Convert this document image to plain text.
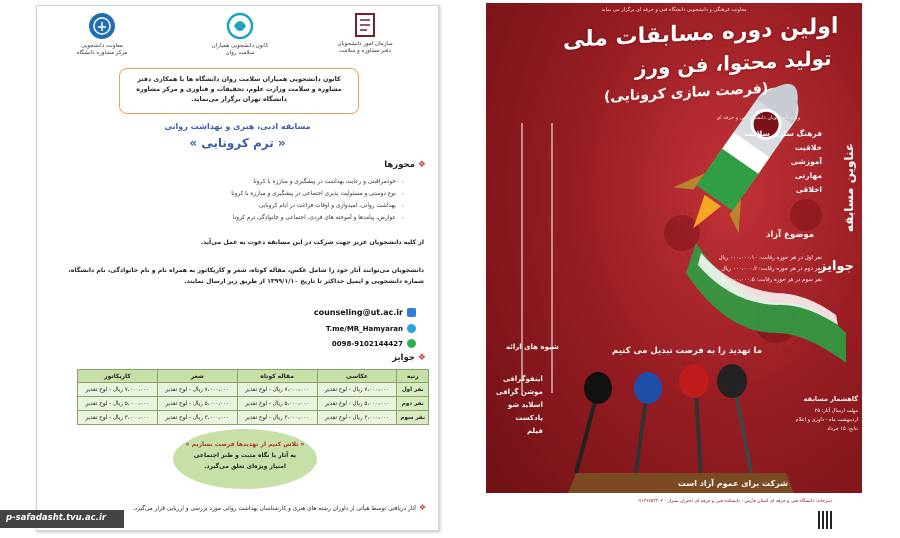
سازمان امور دانشجویان
دفتر مشاوره و سلامت
کانون دانشجویی همیاران
سلامت روان
معاونت دانشجویی
مرکز مشاوره دانشگاه
کانون دانشجویی همیاران سلامت روان دانشگاه ها با همکاری دفتر مشاوره و سلامت وزارت علوم، تحقیقات و فناوری و مرکز مشاوره دانشگاه تهران برگزار می‌نماید.
مسابقه ادبی، هنری و بهداشت روانی
« ترم کرونایی »
❖محورها
- خودمراقبتی و رعایت بهداشت در پیشگیری و مبارزه با کرونا
- نوع دوستی و مسئولیت پذیری اجتماعی در پیشگیری و مبارزه با کرونا
- بهداشت روانی، امیدواری و اوقات فراغت در ایام کرونایی
- عوارض، پیامدها و آموخته های فردی، اجتماعی و خانوادگی ترم کرونا
از کلیه دانشجویان عزیز جهت شرکت در این مسابقه دعوت به عمل می‌آید.
دانشجویان می‌توانند آثار خود را شامل عکس، مقاله کوتاه، شعر و کاریکاتور به همراه نام و نام خانوادگی، نام دانشگاه، شماره دانشجویی و ایمیل حداکثر تا تاریخ ۱۳۹۹/۱/۱۰ از طریق زیر ارسال نمایند.
counseling@ut.ac.ir
T.me/MR_Hamyaran
0098-9102144427
❖جوایز
رتبه	عکاسی	مقاله کوتاه	شعر	کاریکاتور
نفر اول	۷،۰۰۰،۰۰۰ ریال - لوح تقدیر	۷،۰۰۰،۰۰۰ ریال - لوح تقدیر	۷،۰۰۰،۰۰۰ ریال - لوح تقدیر	۷،۰۰۰،۰۰۰ ریال - لوح تقدیر
نفر دوم	۵،۰۰۰،۰۰۰ ریال - لوح تقدیر	۵،۰۰۰،۰۰۰ ریال - لوح تقدیر	۵،۰۰۰،۰۰۰ ریال - لوح تقدیر	۵،۰۰۰،۰۰۰ ریال - لوح تقدیر
نفر سوم	۳،۰۰۰،۰۰۰ ریال - لوح تقدیر	۳،۰۰۰،۰۰۰ ریال - لوح تقدیر	۳،۰۰۰،۰۰۰ ریال - لوح تقدیر	۳،۰۰۰،۰۰۰ ریال - لوح تقدیر
« تلاش کنیم از تهدیدها فرصت بسازیم »
به آثار با نگاه مثبت و طنز اجتماعی
امتیاز ویژه‌ای تعلق می‌گیرد.
❖آثار دریافتی توسط هیأتی از داوران رشته های هنری و کارشناسان بهداشت روانی مورد بررسی و ارزیابی قرار می‌گیرد.
p-safadasht.tvu.ac.ir
معاونت فرهنگی و دانشجویی دانشگاه فنی و حرفه ای برگزار می نماید
اولین دوره مسابقات ملی
تولید محتوا، فن ورز
(فرصت سازی کرونایی)
ویژه دانشجویان دانشگاه فنی و حرفه ای
عناوین مسابقه
فرهنگ سازی سلامت
خلاقیت
آموزشی
مهارتی
اخلاقی
موضوع آزاد
جوایز
نفر اول در هر حوزه رقابت: ۰۰۰،۰۰۰،۱۰ ریال
نفر دوم در هر حوزه رقابت: ۰۰۰،۰۰۰،۷ ریال
نفر سوم در هر حوزه رقابت: ۰۰۰،۰۰۰،۵ ریال
ما تهدید را به فرصت تبدیل می کنیم
شیوه های ارائه
اینفوگرافی
موشن گرافی
اسلاید شو
پادکست
فیلم
گاهشمار مسابقه
مهلت ارسال آثار: ۲۵ اردیبهشت ماه - داوری و اعلام نتایج: ۱۵ خرداد
شرکت برای عموم آزاد است
دبیرخانه: دانشگاه فنی و حرفه ای استان فارس - دانشکده فنی و حرفه ای دختران شیراز - ۰۷۱۳۶۲۵۳۳۰۲
